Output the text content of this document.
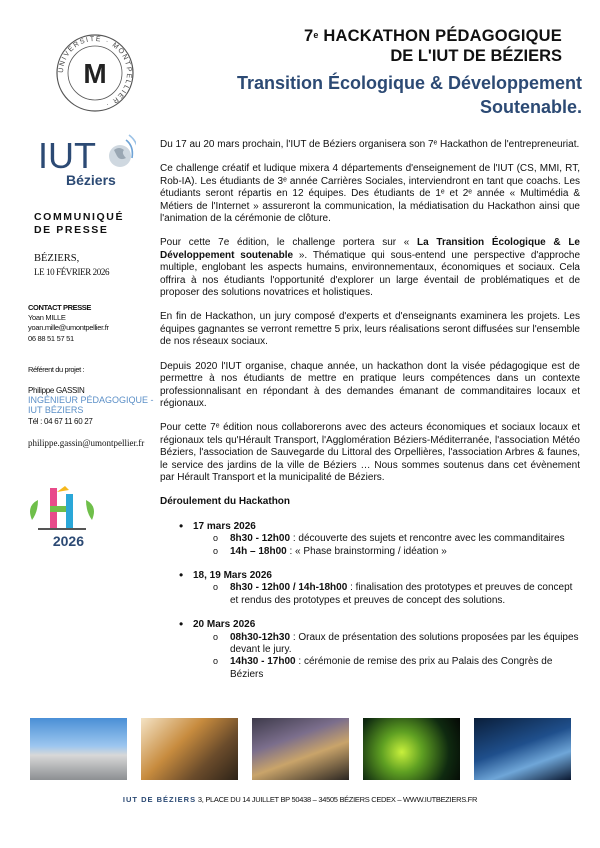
UNIVERSITÉ · MONTPELLIER ·
M
7e HACKATHON PÉDAGOGIQUE
DE L'IUT DE BÉZIERS
Transition Écologique & Développement
Soutenable.
IUT
Béziers
COMMUNIQUÉ
DE PRESSE
BÉZIERS,
LE 10 FÉVRIER 2026
CONTACT PRESSE
Yoan MILLE
yoan.mille@umontpellier.fr
06 88 51 57 51
Référent du projet :
Philippe GASSIN
INGÉNIEUR PÉDAGOGIQUE -
IUT BÉZIERS
Tél : 04 67 11 60 27
philippe.gassin@umontpellier.fr
2026

Du 17 au 20 mars prochain, l'IUT de Béziers organisera son 7ᵉ Hackathon de l'entrepreneuriat.

Ce challenge créatif et ludique mixera 4 départements d'enseignement de l'IUT (CS, MMI, RT, Rob-IA). Les étudiants de 3ᵉ année Carrières Sociales, interviendront en tant que coachs. Les étudiants seront répartis en 12 équipes. Des étudiants de 1ᵉ et 2ᵉ année « Multimédia & Métiers de l'Internet » assureront la communication, la médiatisation du Hackathon ainsi que l'animation de la cérémonie de clôture.

Pour cette 7e édition, le challenge portera sur « La Transition Écologique & Le Développement soutenable ». Thématique qui sous-entend une perspective d'approche multiple, englobant les aspects humains, environnementaux, économiques et sociaux. Cela offrira à nos étudiants l'opportunité d'explorer un large éventail de problématiques et de proposer des solutions novatrices et holistiques.

En fin de Hackathon, un jury composé d'experts et d'enseignants examinera les projets. Les équipes gagnantes se verront remettre 5 prix, leurs réalisations seront diffusées sur l'ensemble de nos réseaux sociaux.

Depuis 2020 l'IUT organise, chaque année, un hackathon dont la visée pédagogique est de permettre à nos étudiants de mettre en pratique leurs compétences dans un contexte professionnalisant en répondant à des demandes émanant de commanditaires locaux et régionaux.

Pour cette 7ᵉ édition nous collaborerons avec des acteurs économiques et sociaux locaux et régionaux tels qu'Hérault Transport, l'Agglomération Béziers-Méditerranée, l'association Météo Béziers, l'association de Sauvegarde du Littoral des Orpellières, l'association Arbres & faunes, le service des jardins de la ville de Béziers … Nous sommes soutenus dans cet évènement par Hérault Transport et la municipalité de Béziers.

Déroulement du Hackathon
• 17 mars 2026
o 8h30 - 12h00 : découverte des sujets et rencontre avec les commanditaires
o 14h – 18h00 : « Phase brainstorming / idéation »
• 18, 19 Mars 2026
o 8h30 - 12h00 / 14h-18h00 : finalisation des prototypes et preuves de concept et rendus des prototypes et preuves de concept des solutions.
• 20 Mars 2026
o 08h30-12h30 : Oraux de présentation des solutions proposées par les équipes devant le jury.
o 14h30 - 17h00 : cérémonie de remise des prix au Palais des Congrès de Béziers
IUT DE BÉZIERS 3, PLACE DU 14 JUILLET BP 50438 – 34505 BÉZIERS CEDEX – WWW.IUTBEZIERS.FR
